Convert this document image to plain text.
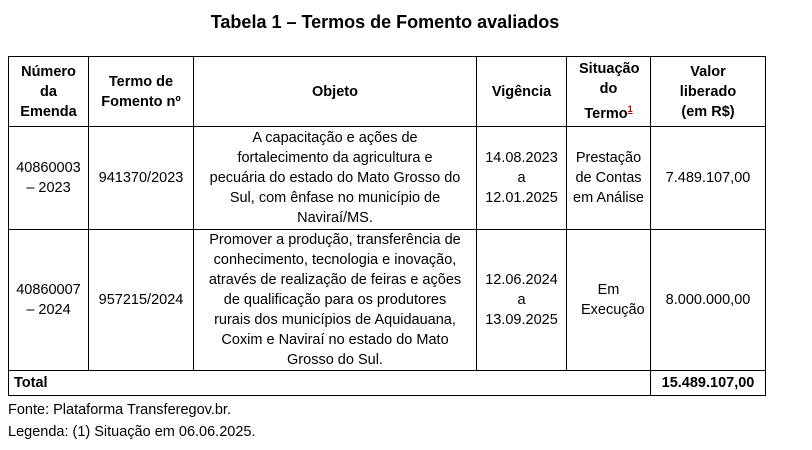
Tabela 1 – Termos de Fomento avaliados
Número da Emenda	Termo de Fomento nº	Objeto	Vigência	Situação do Termo$^1$	Valor liberado (em R$)
40860003 – 2023	941370/2023	A capacitação e ações de fortalecimento da agricultura e pecuária do estado do Mato Grosso do Sul, com ênfase no município de Naviraí/MS.	14.08.2023 a 12.01.2025	Prestação de Contas em Análise	7.489.107,00
40860007 – 2024	957215/2024	Promover a produção, transferência de conhecimento, tecnologia e inovação, através de realização de feiras e ações de qualificação para os produtores rurais dos municípios de Aquidauana, Coxim e Naviraí no estado do Mato Grosso do Sul.	12.06.2024 a 13.09.2025	Em Execução	8.000.000,00
Total					15.489.107,00
Fonte: Plataforma Transferegov.br.
Legenda: (1) Situação em 06.06.2025.
